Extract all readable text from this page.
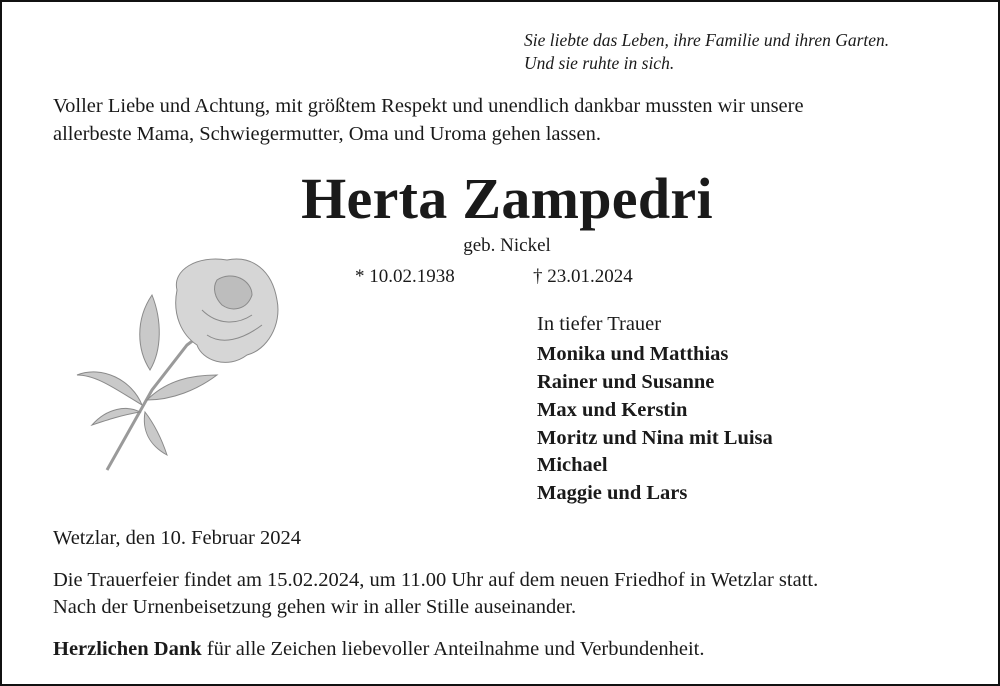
Sie liebte das Leben, ihre Familie und ihren Garten.
Und sie ruhte in sich.
Voller Liebe und Achtung, mit größtem Respekt und unendlich dankbar mussten wir unsere
allerbeste Mama, Schwiegermutter, Oma und Uroma gehen lassen.
Herta Zampedri
geb. Nickel
* 10.02.1938	† 23.01.2024
In tiefer Trauer
Monika und Matthias
Rainer und Susanne
Max und Kerstin
Moritz und Nina mit Luisa
Michael
Maggie und Lars
Wetzlar, den 10. Februar 2024
Die Trauerfeier findet am 15.02.2024, um 11.00 Uhr auf dem neuen Friedhof in Wetzlar statt.
Nach der Urnenbeisetzung gehen wir in aller Stille auseinander.
Herzlichen Dank für alle Zeichen liebevoller Anteilnahme und Verbundenheit.
